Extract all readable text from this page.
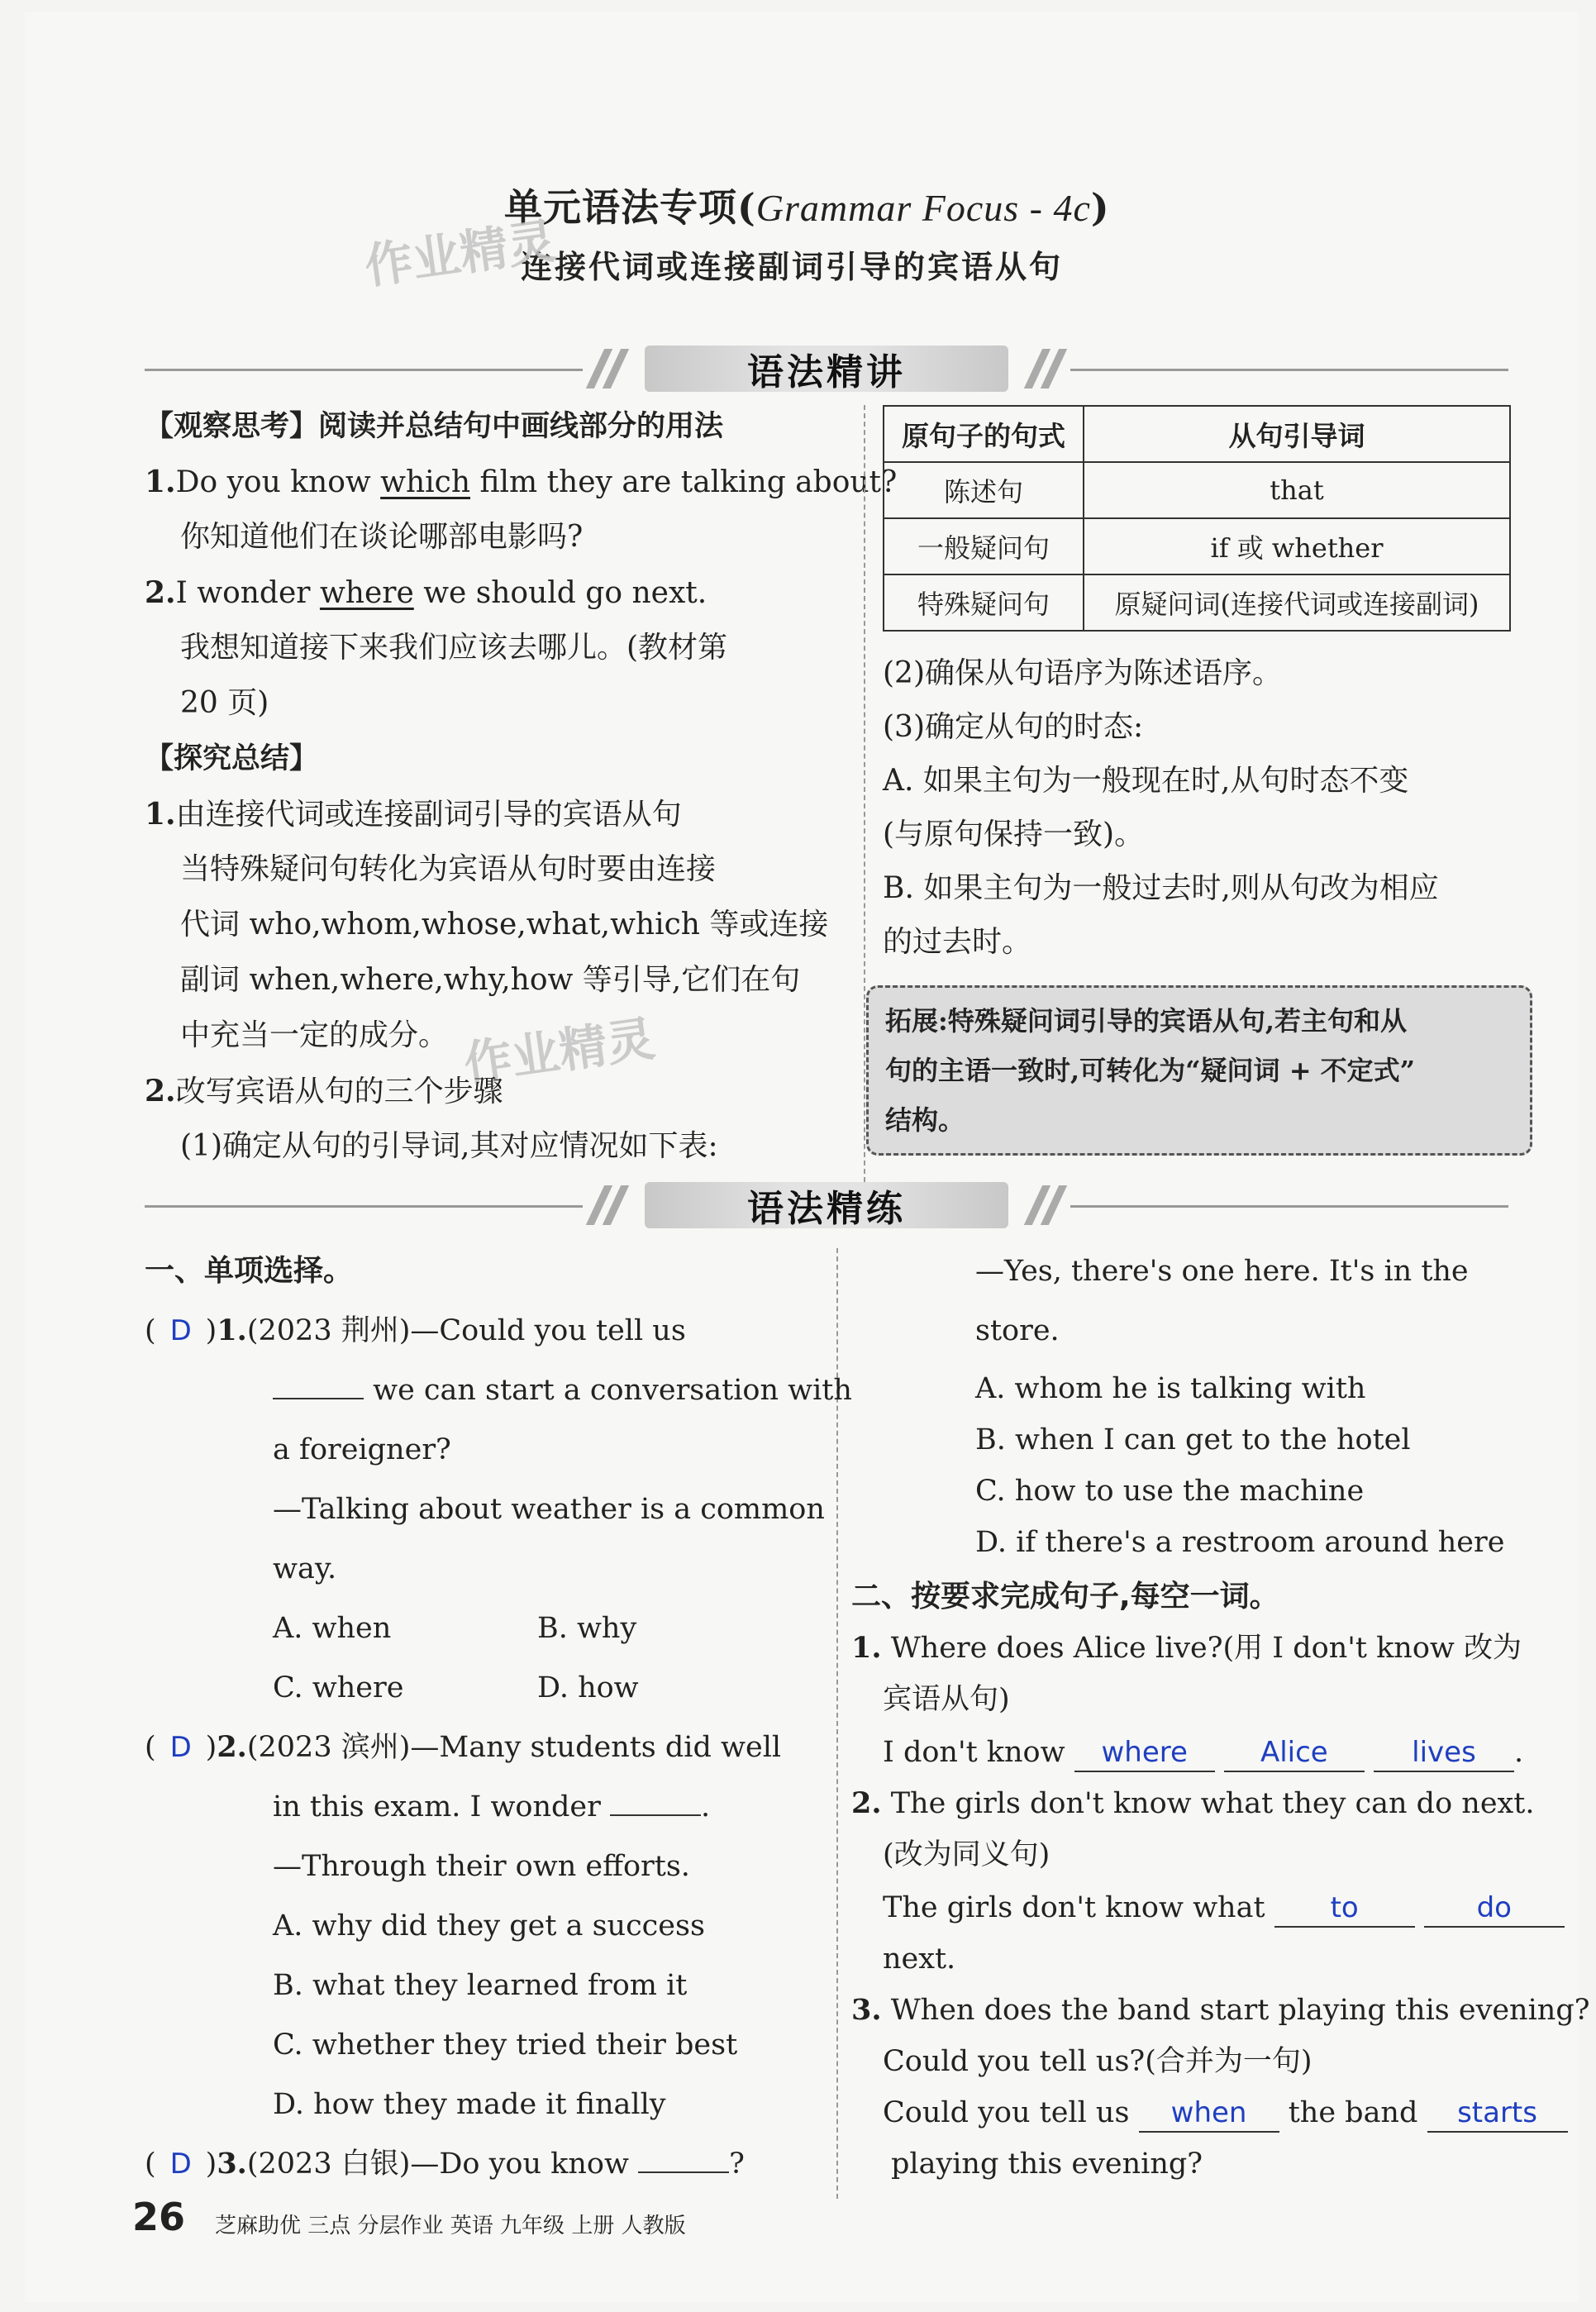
单元语法专项(Grammar Focus - 4c)
连接代词或连接副词引导的宾语从句
作业精灵
语法精讲
【观察思考】阅读并总结句中画线部分的用法
1.Do you know which film they are talking about?
你知道他们在谈论哪部电影吗?
2.I wonder where we should go next.
我想知道接下来我们应该去哪儿。(教材第
20 页)
【探究总结】
1.由连接代词或连接副词引导的宾语从句
当特殊疑问句转化为宾语从句时要由连接
代词 who,whom,whose,what,which 等或连接
副词 when,where,why,how 等引导,它们在句
中充当一定的成分。 作业精灵
2.改写宾语从句的三个步骤
(1)确定从句的引导词,其对应情况如下表:
原句子的句式	从句引导词
陈述句	that
一般疑问句	if 或 whether
特殊疑问句	原疑问词(连接代词或连接副词)
(2)确保从句语序为陈述语序。
(3)确定从句的时态:
A. 如果主句为一般现在时,从句时态不变
(与原句保持一致)。
B. 如果主句为一般过去时,则从句改为相应
的过去时。
拓展:特殊疑问词引导的宾语从句,若主句和从
句的主语一致时,可转化为“疑问词 + 不定式”
结构。
语法精练
一、单项选择。
( D )1.(2023 荆州)—Could you tell us
we can start a conversation with
a foreigner?
—Talking about weather is a common
way.
A. when	B. why
C. where	D. how
( D )2.(2023 滨州)—Many students did well
in this exam. I wonder	.
—Through their own efforts.
A. why did they get a success
B. what they learned from it
C. whether they tried their best
D. how they made it finally
( D )3.(2023 白银)—Do you know	?
—Yes, there's one here. It's in the
store.
A. whom he is talking with
B. when I can get to the hotel
C. how to use the machine
D. if there's a restroom around here
二、按要求完成句子,每空一词。
1. Where does Alice live?(用 I don't know 改为
宾语从句)
I don't know where	Alice	lives .
2. The girls don't know what they can do next.
(改为同义句)
The girls don't know what to	do
next.
3. When does the band start playing this evening?
Could you tell us?(合并为一句)
Could you tell us when the band starts
playing this evening?
26 芝麻助优 三点 分层作业 英语 九年级 上册 人教版
